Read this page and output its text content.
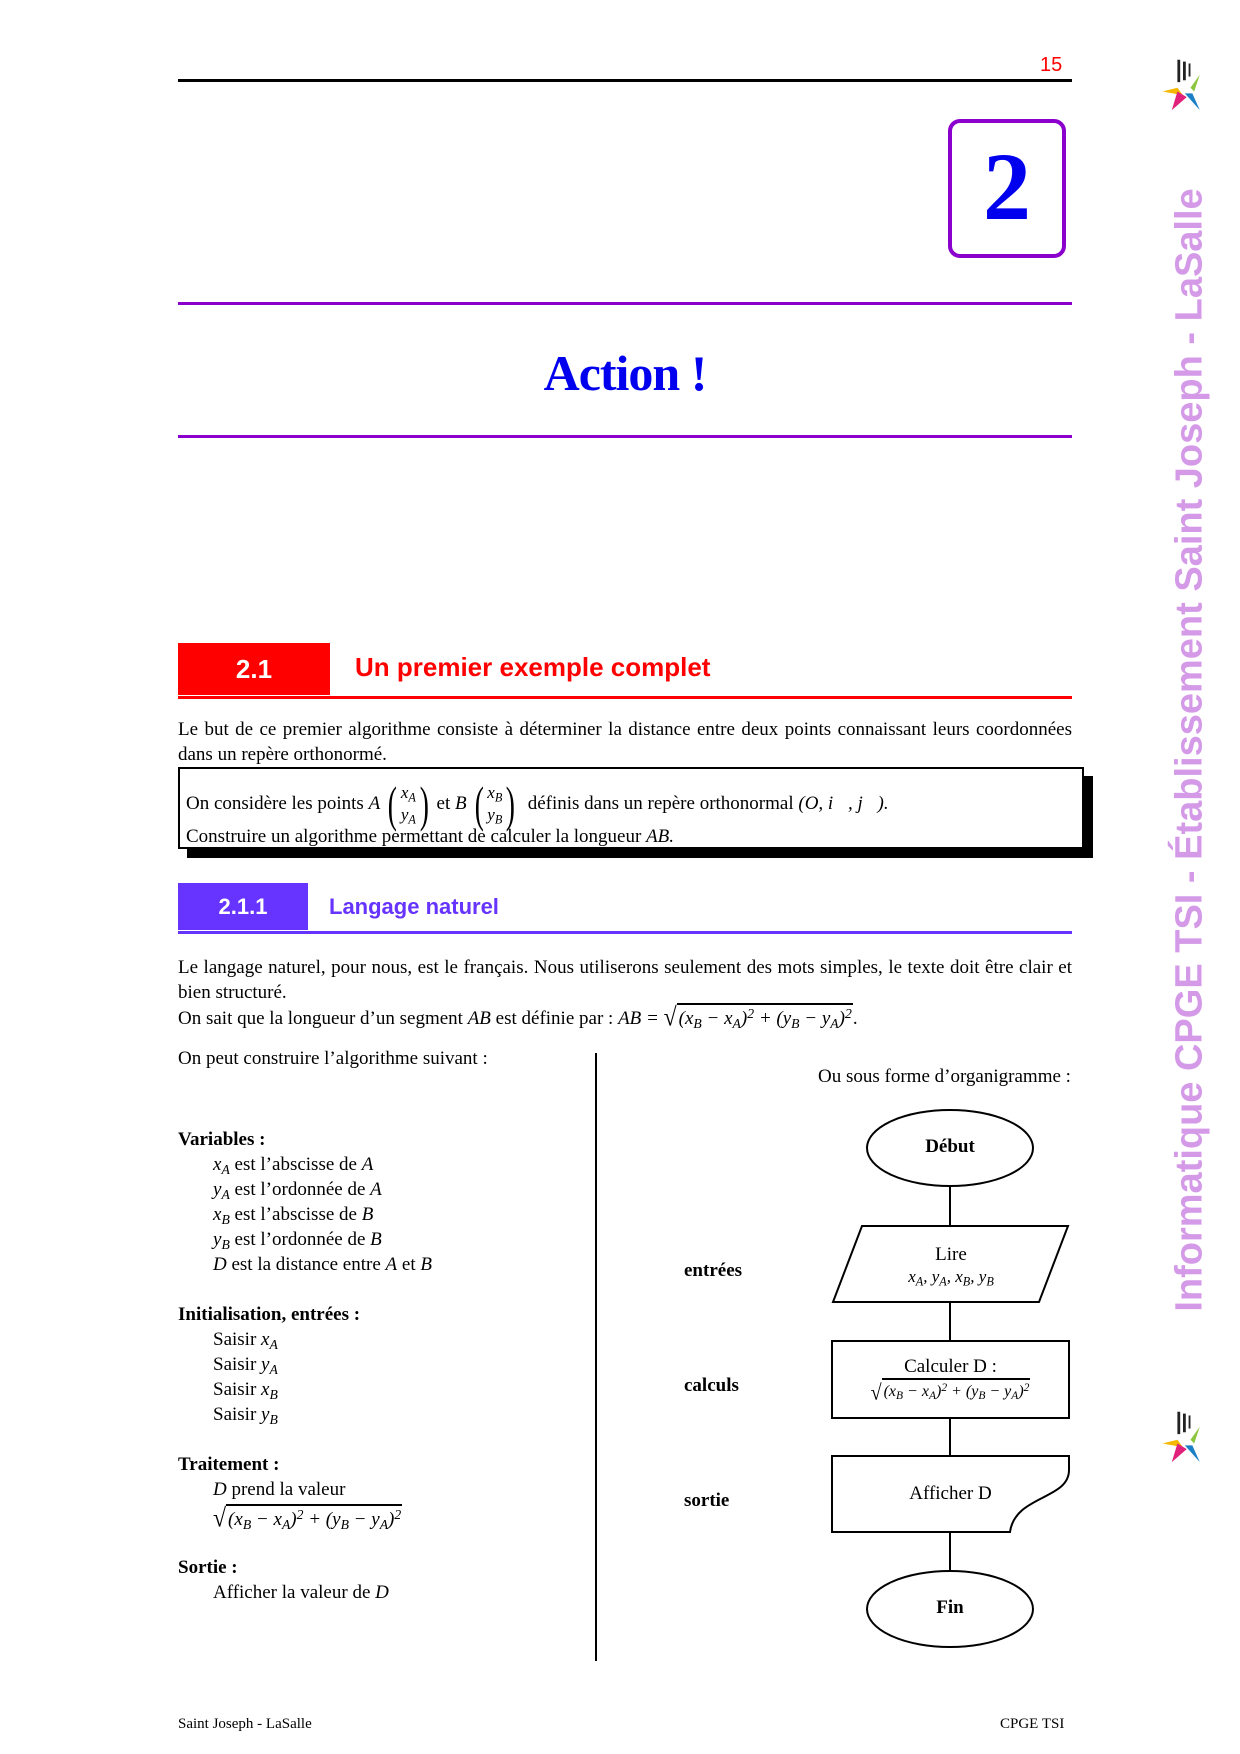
15
2
Action !
2.1	Un premier exemple complet
Le but de ce premier algorithme consiste à déterminer la distance entre deux points connaissant leurs coordonnées dans un repère orthonormé.
On considère les points
A ( $x_A$
$y_A$ ) et
B ( $x_B$
$y_B$ )
définis dans un repère orthonormal
(O, i⃗, j⃗).
Construire un algorithme permettant de calculer la longueur AB.
2.1.1	Langage naturel
Le langage naturel, pour nous, est le français. Nous utiliserons seulement des mots simples, le texte doit être clair et bien structuré.
On sait que la longueur d’un segment
AB
est définie par :
AB =
√ $(x_B - x_A)^2 + (y_B - y_A)^2$ .
On peut construire l’algorithme suivant :
Variables :
$x_A$ est l’abscisse de A
$y_A$ est l’ordonnée de A
$x_B$ est l’abscisse de B
$y_B$ est l’ordonnée de B
D est la distance entre A et B
Initialisation, entrées :
Saisir $x_A$
Saisir $y_A$
Saisir $x_B$
Saisir $y_B$
Traitement :
D prend la valeur
√ $(x_B - x_A)^2 + (y_B - y_A)^2$
Sortie :
Afficher la valeur de D
Ou sous forme d’organigramme :
entrées
calculs
sortie
Début
Lire
$x_A$, $y_A$, $x_B$, $y_B$
Calculer D :
√ $(x_B - x_A)^2 + (y_B - y_A)^2$
Afficher D
Fin
Informatique CPGE TSI - Établissement Saint Joseph - LaSalle
Saint Joseph - LaSalle	CPGE TSI
